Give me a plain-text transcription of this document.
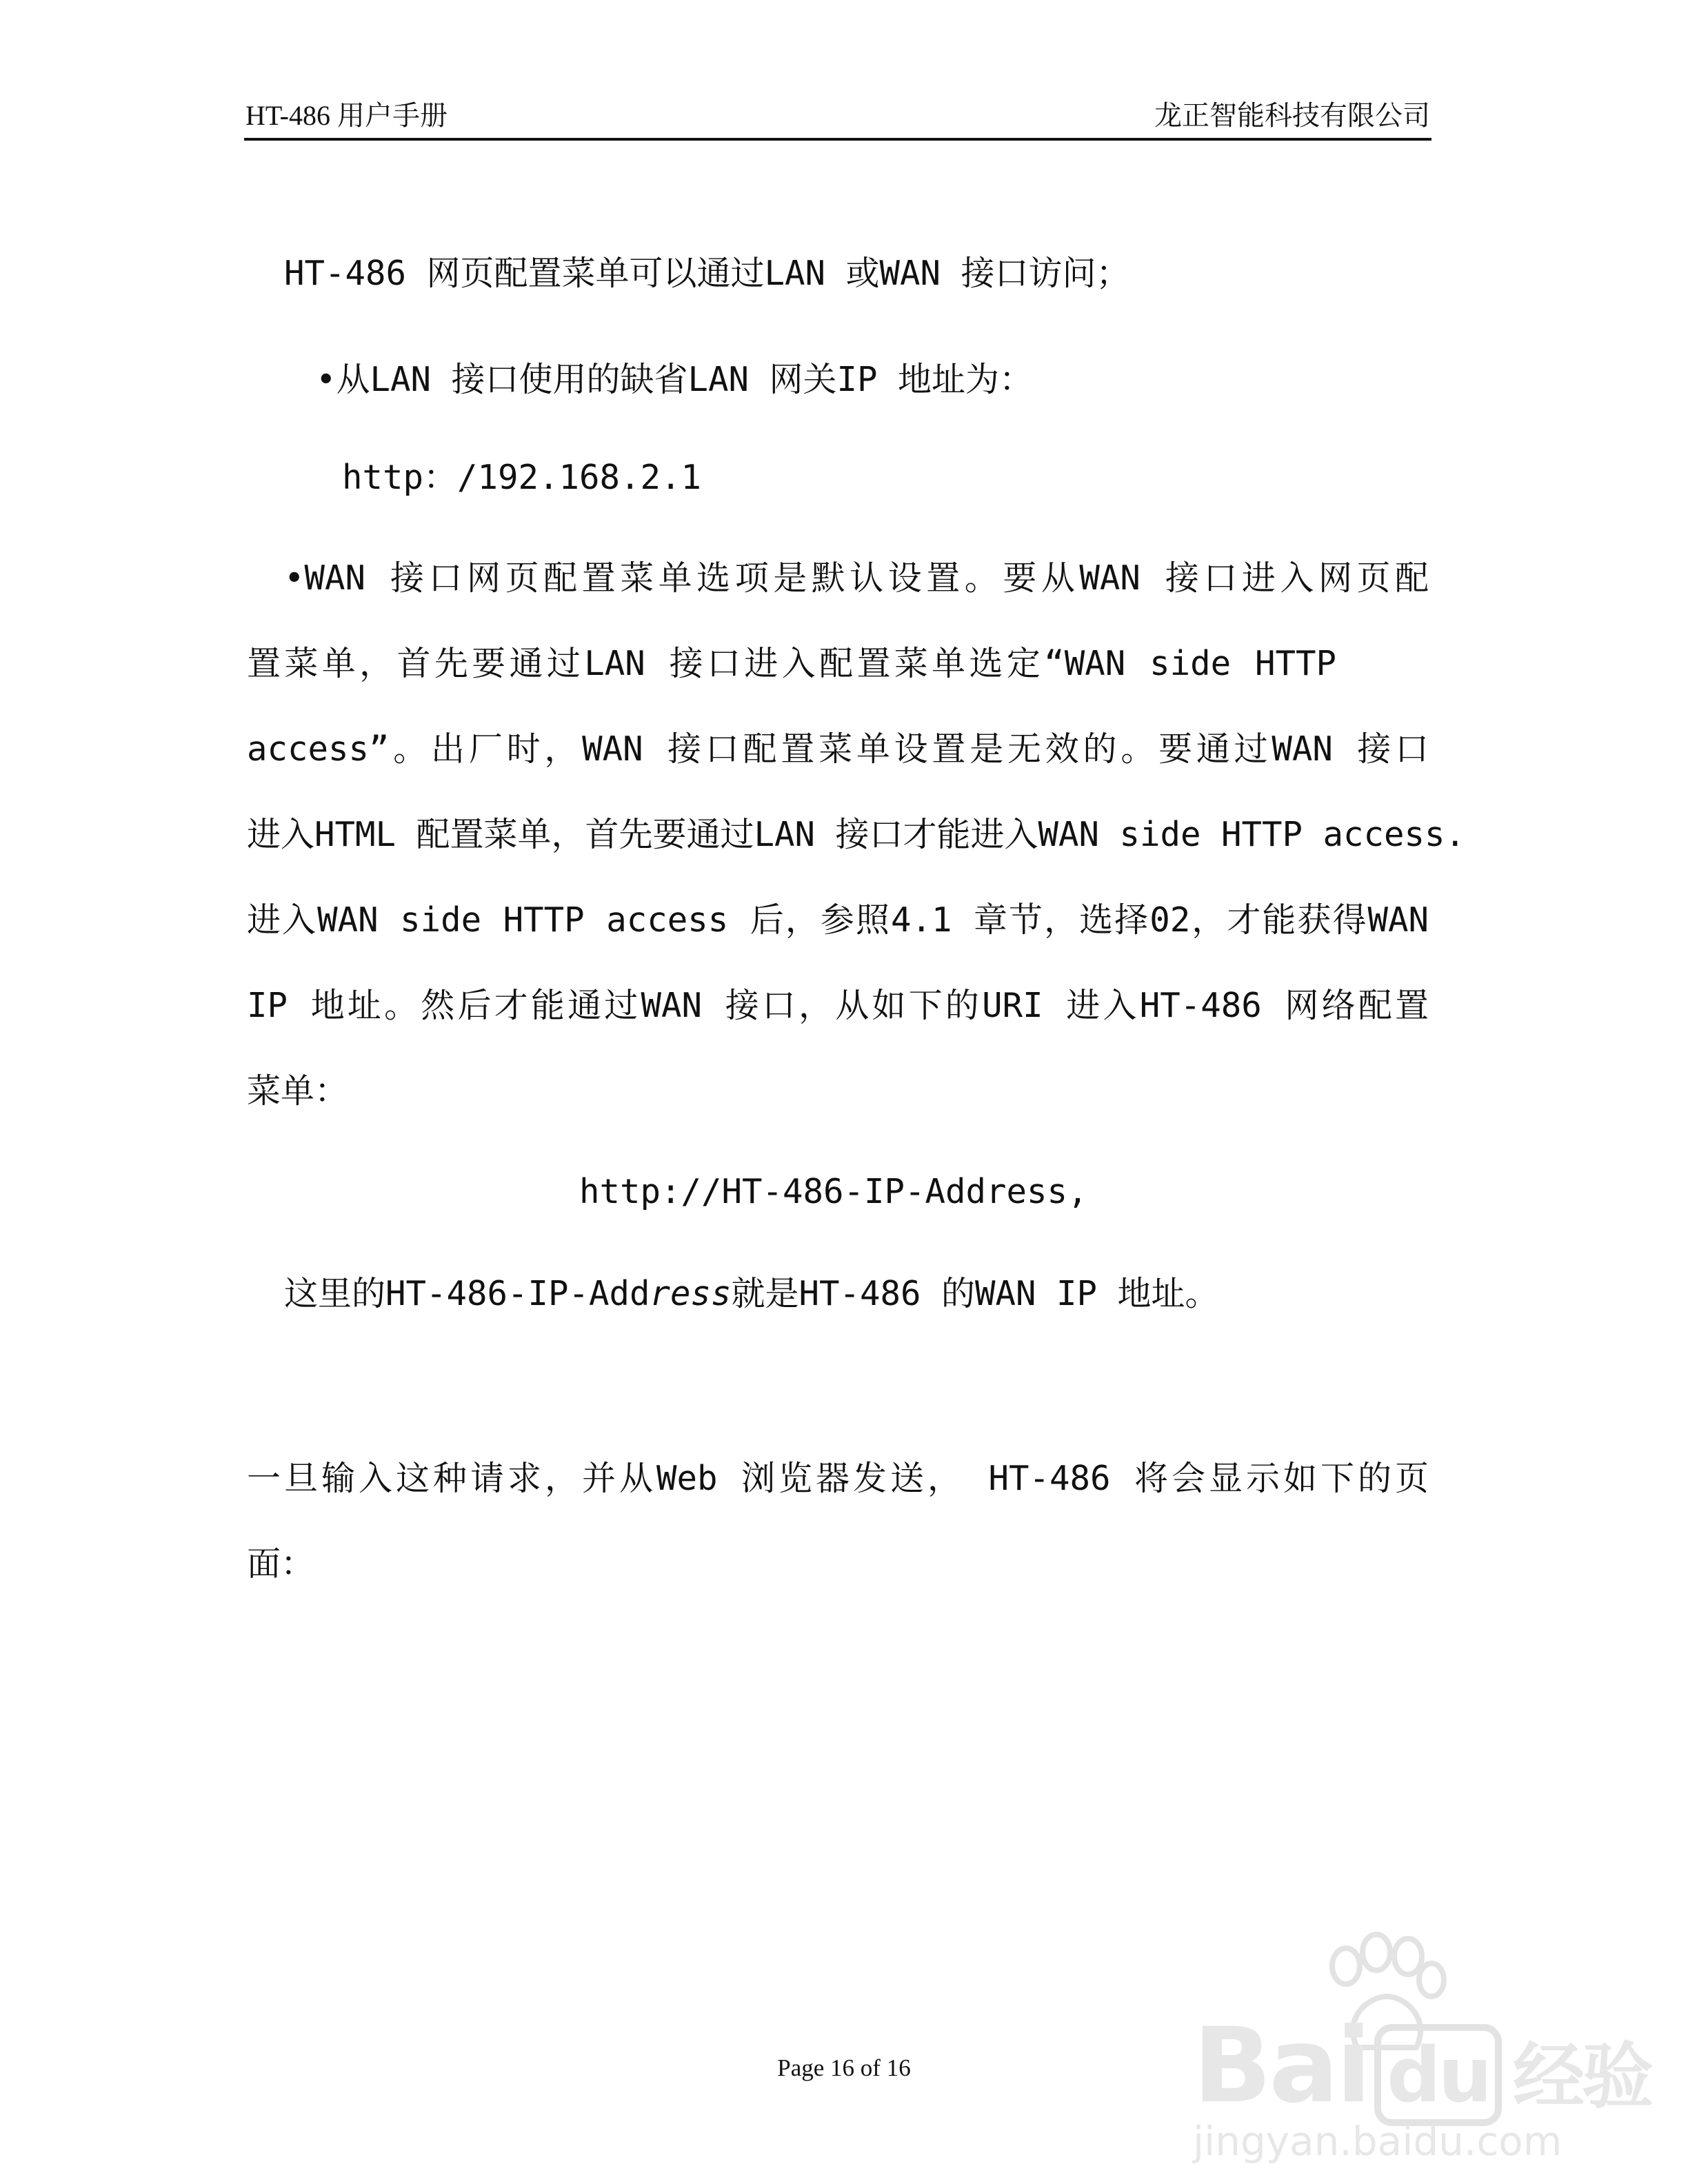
HT-486 用户手册	龙正智能科技有限公司
HT-486 网页配置菜单可以通过LAN 或WAN 接口访问；
•从LAN 接口使用的缺省LAN 网关IP 地址为：
http：/192.168.2.1
•WAN 接口网页配置菜单选项是默认设置。要从WAN 接口进入网页配
置菜单，首先要通过LAN 接口进入配置菜单选定“WAN side HTTP
access”。出厂时，WAN 接口配置菜单设置是无效的。要通过WAN 接口
进入HTML 配置菜单，首先要通过LAN 接口才能进入WAN side HTTP access.
进入WAN side HTTP access 后，参照4.1 章节，选择02，才能获得WAN
IP 地址。然后才能通过WAN 接口，从如下的URI 进入HT-486 网络配置
菜单：
http://HT-486-IP-Address,
这里的HT-486-IP-Address就是HT-486 的WAN IP 地址。
一旦输入这种请求，并从Web 浏览器发送， HT-486 将会显示如下的页
面：
Page 16 of 16	Bai du 经验
jingyan.baidu.com
